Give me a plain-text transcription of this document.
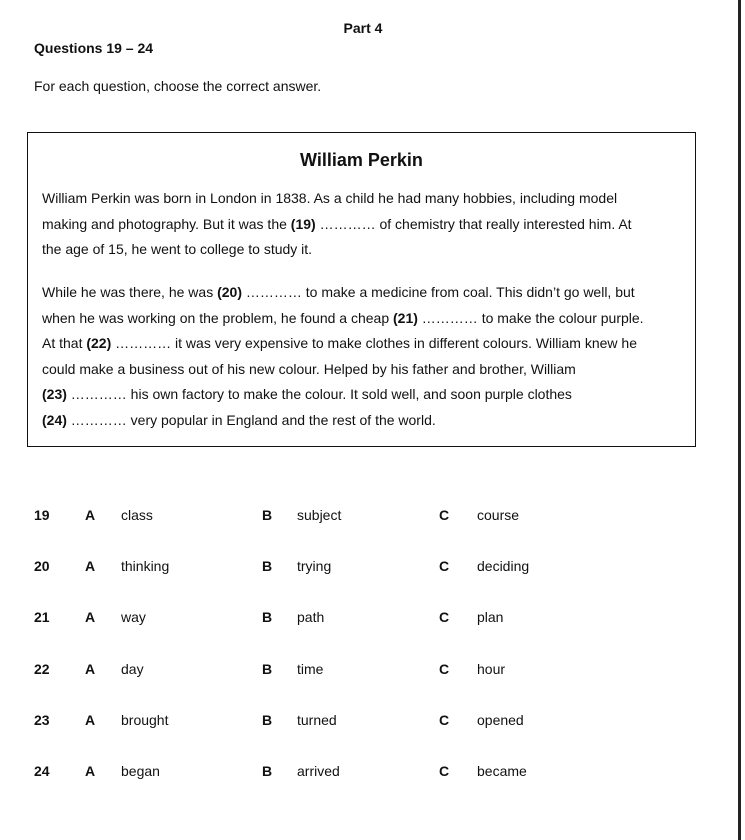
Part 4
Questions 19 – 24
For each question, choose the correct answer.
William Perkin
William Perkin was born in London in 1838. As a child he had many hobbies, including model
making and photography. But it was the (19) ………… of chemistry that really interested him. At
the age of 15, he went to college to study it.
While he was there, he was (20) ………… to make a medicine from coal. This didn’t go well, but
when he was working on the problem, he found a cheap (21) ………… to make the colour purple.
At that (22) ………… it was very expensive to make clothes in different colours. William knew he
could make a business out of his new colour. Helped by his father and brother, William
(23) ………… his own factory to make the colour. It sold well, and soon purple clothes
(24) ………… very popular in England and the rest of the world.
19	A class	B subject	C course
20	A thinking	B trying	C deciding
21	A way	B path	C plan
22	A day	B time	C hour
23	A brought	B turned	C opened
24	A began	B arrived	C became
